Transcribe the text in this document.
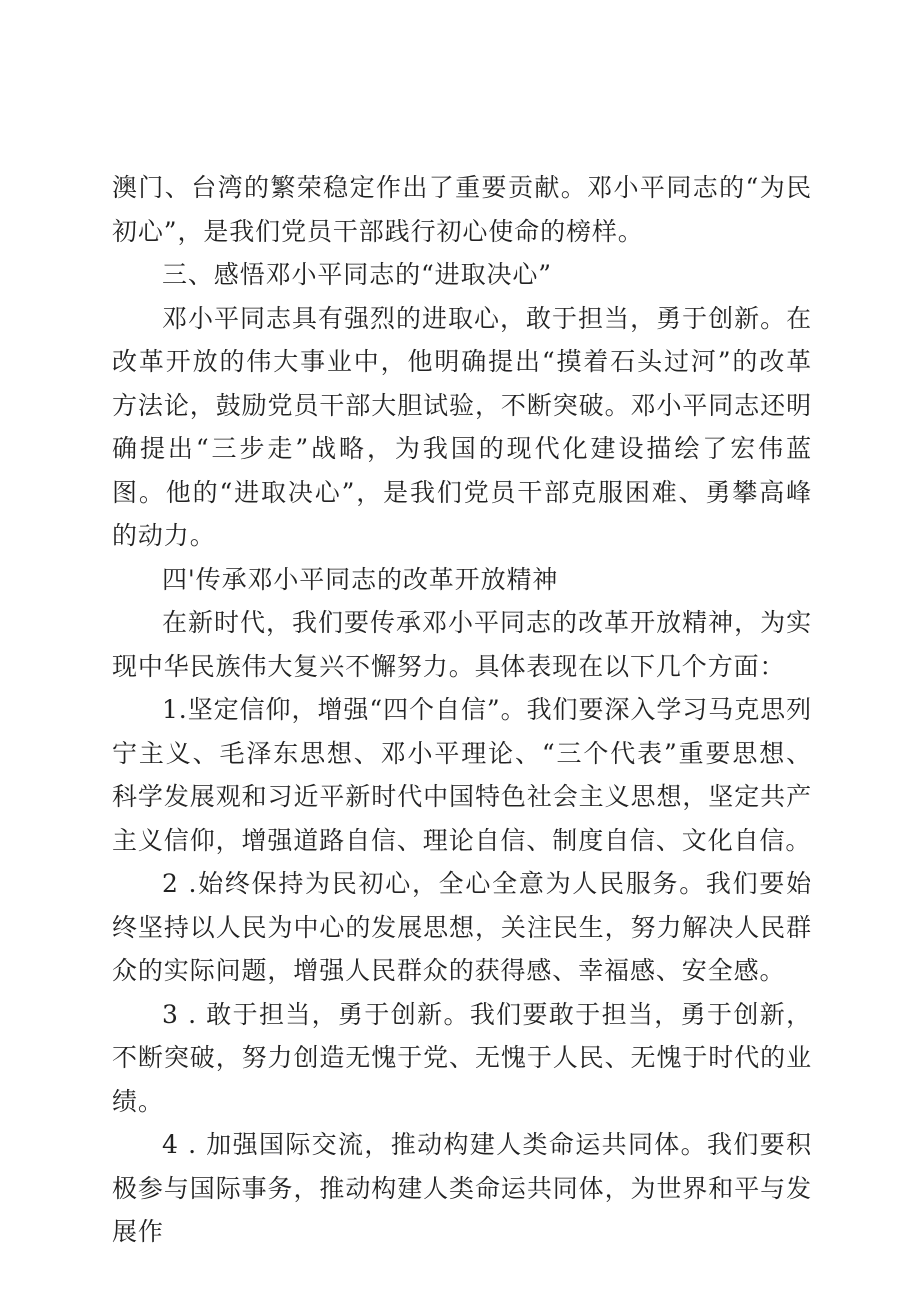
澳门、台湾的繁荣稳定作出了重要贡献。邓小平同志的“为民初心”，是我们党员干部践行初心使命的榜样。

三、感悟邓小平同志的“进取决心”

邓小平同志具有强烈的进取心，敢于担当，勇于创新。在改革开放的伟大事业中，他明确提出“摸着石头过河”的改革方法论，鼓励党员干部大胆试验，不断突破。邓小平同志还明确提出“三步走”战略，为我国的现代化建设描绘了宏伟蓝图。他的“进取决心”，是我们党员干部克服困难、勇攀高峰的动力。

四'传承邓小平同志的改革开放精神

在新时代，我们要传承邓小平同志的改革开放精神，为实现中华民族伟大复兴不懈努力。具体表现在以下几个方面：

1.坚定信仰，增强“四个自信”。我们要深入学习马克思列宁主义、毛泽东思想、邓小平理论、“三个代表”重要思想、科学发展观和习近平新时代中国特色社会主义思想，坚定共产主义信仰，增强道路自信、理论自信、制度自信、文化自信。

2 .始终保持为民初心，全心全意为人民服务。我们要始终坚持以人民为中心的发展思想，关注民生，努力解决人民群众的实际问题，增强人民群众的获得感、幸福感、安全感。

3 . 敢于担当，勇于创新。我们要敢于担当，勇于创新，不断突破，努力创造无愧于党、无愧于人民、无愧于时代的业绩。

4 . 加强国际交流，推动构建人类命运共同体。我们要积极参与国际事务，推动构建人类命运共同体，为世界和平与发展作
